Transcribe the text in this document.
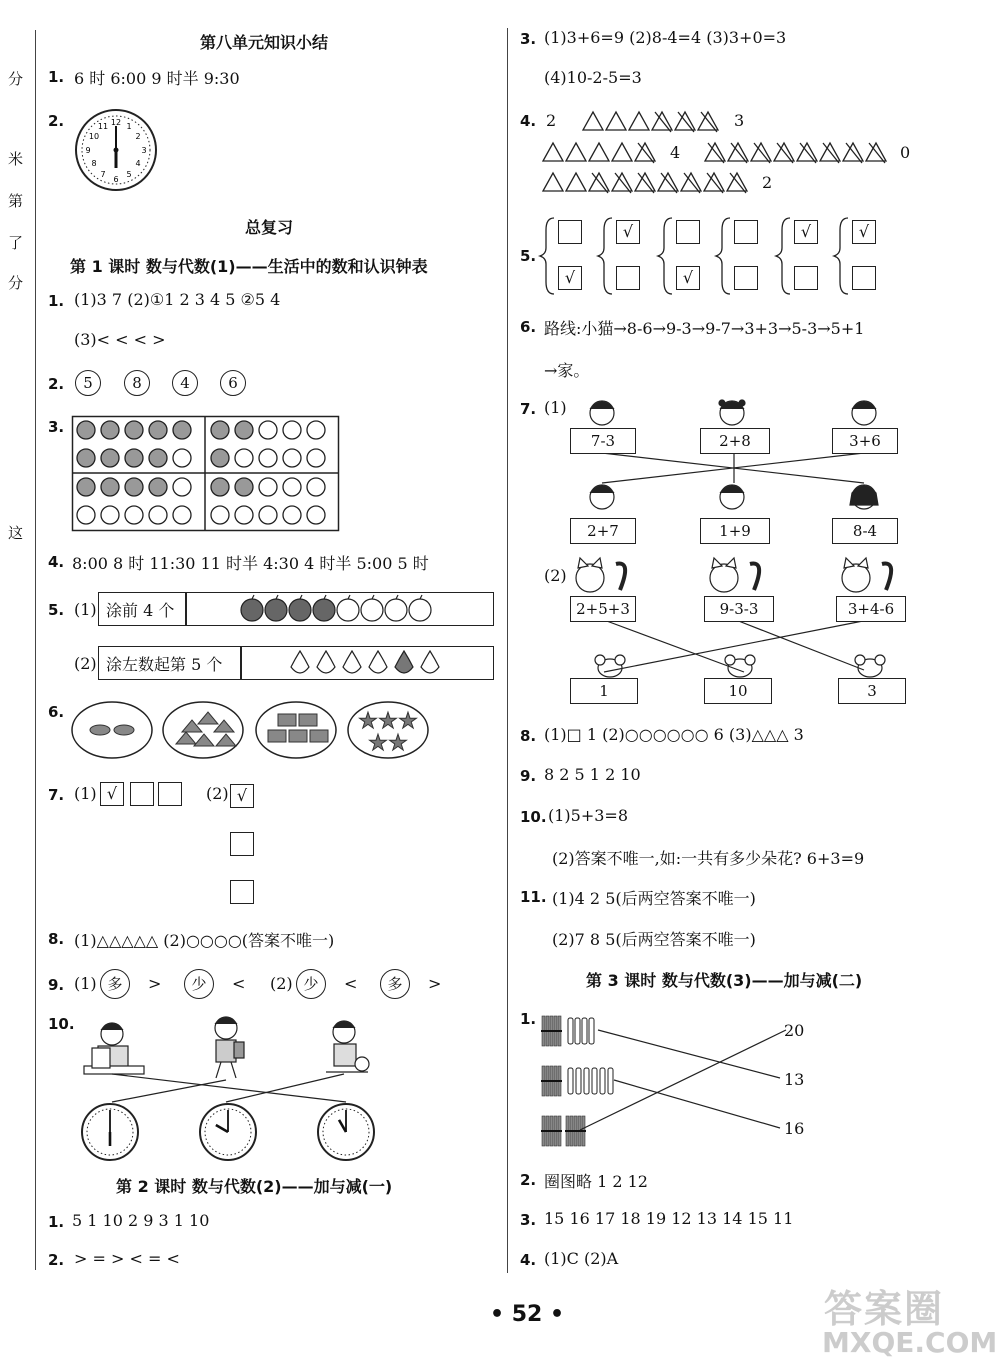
分
米
第
了
分
这
第八单元知识小结
1. 6 时 6:00 9 时半 9:30
2.	12
6
9	3
1
2
4
5
7
8
10
11
总复习
第 1 课时 数与代数(1)——生活中的数和认识钟表
1. (1)3 7 (2)①1 2 3 4 5 ②5 4
(3)< < < >
2.	5	8	4	6
3.
4. 8:00 8 时 11:30 11 时半 4:30 4 时半 5:00 5 时
5. (1) 涂前 4 个
(2) 涂左数起第 5 个
6.	★ ★ ★
★ ★
7. (1) √	(2) √
8. (1)△△△△△ (2)○○○○(答案不唯一)
9. (1) 多	>	少	< (2) 少	<	多	>
10.
第 2 课时 数与代数(2)——加与减(一)
1. 5 1 10 2 9 3 1 10
2. > = > < = <
3. (1)3+6=9 (2)8-4=4 (3)3+0=3
(4)10-2-5=3
4. 2	3
4	0
2
5.
√
√
√
√	√
6. 路线:小猫→8-6→9-3→9-7→3+3→5-3→5+1
→家。
7. (1)
7-3	2+8	3+6
2+7	1+9	8-4
(2)
2+5+3	9-3-3	3+4-6
1	10	3
8. (1)□ 1 (2)○○○○○○ 6 (3)△△△ 3
9. 8 2 5 1 2 10
10. (1)5+3=8
(2)答案不唯一,如:一共有多少朵花? 6+3=9
11. (1)4 2 5(后两空答案不唯一)
(2)7 8 5(后两空答案不唯一)
第 3 课时 数与代数(3)——加与减(二)
1.
20
13
16
2. 圈图略 1 2 12
3. 15 16 17 18 19 12 13 14 15 11
4. (1)C (2)A
• 52 •	答案圈
MXQE.COM
